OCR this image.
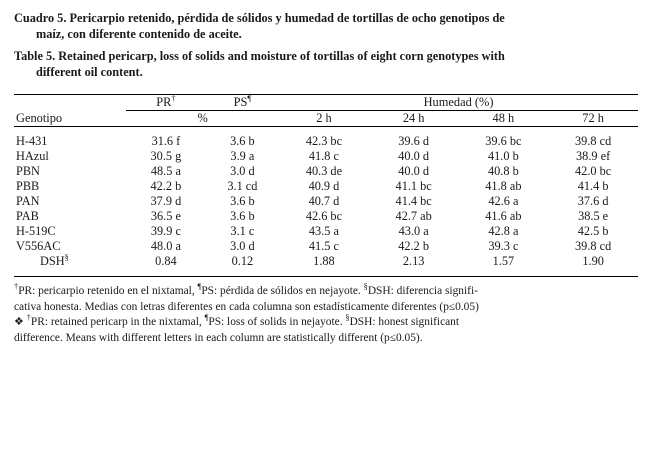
Cuadro 5. Pericarpio retenido, pérdida de sólidos y humedad de tortillas de ocho genotipos de
maíz, con diferente contenido de aceite.
Table 5. Retained pericarp, loss of solids and moisture of tortillas of eight corn genotypes with
different oil content.

	PR†	PS¶	Humedad (%)			
Genotipo	%		2 h	24 h	48 h	72 h

H-431	31.6 f	3.6 b	42.3 bc	39.6 d	39.6 bc	39.8 cd
HAzul	30.5 g	3.9 a	41.8 c	40.0 d	41.0 b	38.9 ef
PBN	48.5 a	3.0 d	40.3 de	40.0 d	40.8 b	42.0 bc
PBB	42.2 b	3.1 cd	40.9 d	41.1 bc	41.8 ab	41.4 b
PAN	37.9 d	3.6 b	40.7 d	41.4 bc	42.6 a	37.6 d
PAB	36.5 e	3.6 b	42.6 bc	42.7 ab	41.6 ab	38.5 e
H-519C	39.9 c	3.1 c	43.5 a	43.0 a	42.8 a	42.5 b
V556AC	48.0 a	3.0 d	41.5 c	42.2 b	39.3 c	39.8 cd
DSH§	0.84	0.12	1.88	2.13	1.57	1.90

†PR: pericarpio retenido en el nixtamal, ¶PS: pérdida de sólidos en nejayote. §DSH: diferencia signifi-
cativa honesta. Medias con letras diferentes en cada columna son estadísticamente diferentes (p≤0.05)
❖ †PR: retained pericarp in the nixtamal, ¶PS: loss of solids in nejayote. §DSH: honest significant
difference. Means with different letters in each column are statistically different (p≤0.05).
